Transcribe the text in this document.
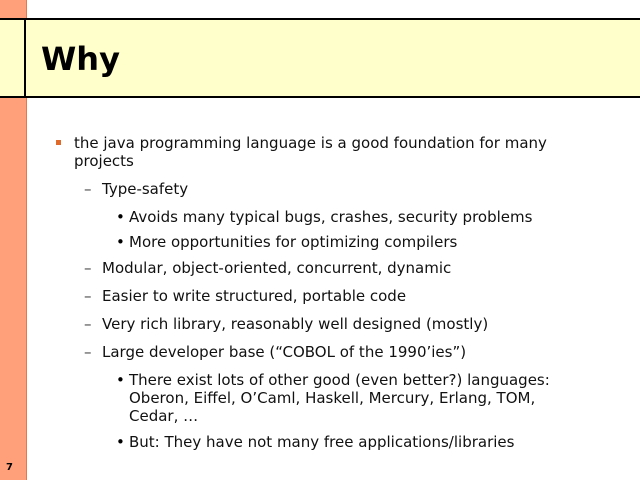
Why
the java programming language is a good foundation for many
projects
– Type-safety
• Avoids many typical bugs, crashes, security problems
• More opportunities for optimizing compilers
– Modular, object-oriented, concurrent, dynamic
– Easier to write structured, portable code
– Very rich library, reasonably well designed (mostly)
– Large developer base (“COBOL of the 1990’ies”)
• There exist lots of other good (even better?) languages:
Oberon, Eiffel, O’Caml, Haskell, Mercury, Erlang, TOM,
Cedar, …
• But: They have not many free applications/libraries
7
